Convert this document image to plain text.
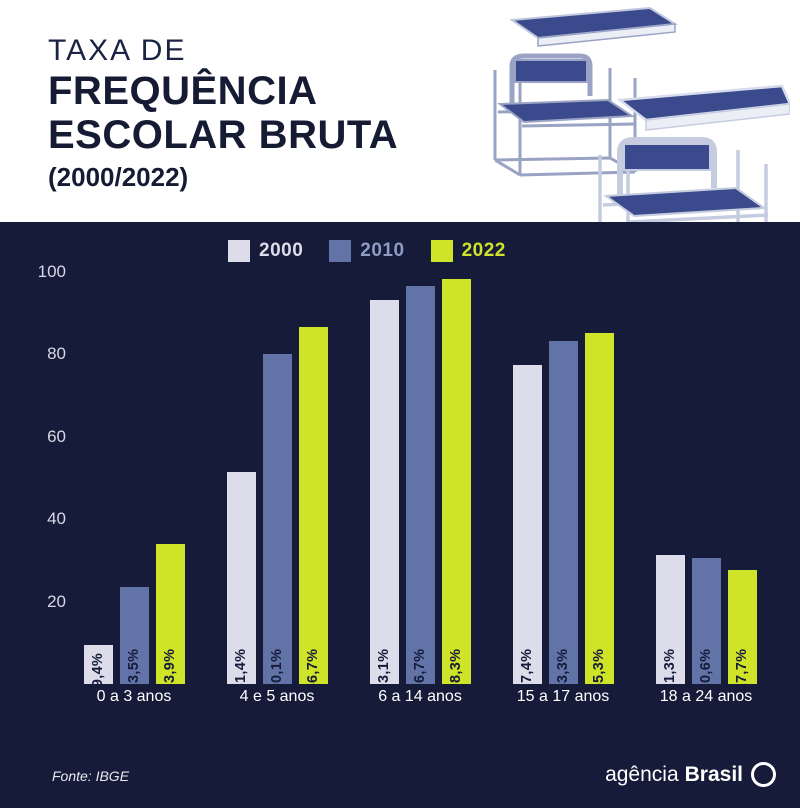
TAXA DE
FREQUÊNCIA
ESCOLAR BRUTA
(2000/2022)
2000	2010	2022
100
80
60
40
20
9,4% 23,5% 33,9%	51,4% 80,1% 86,7%	93,1% 96,7% 98,3%	77,4% 83,3% 85,3%	31,3% 30,6% 27,7%
0 a 3 anos	4 e 5 anos	6 a 14 anos	15 a 17 anos	18 a 24 anos
Fonte: IBGE	agência Brasil
